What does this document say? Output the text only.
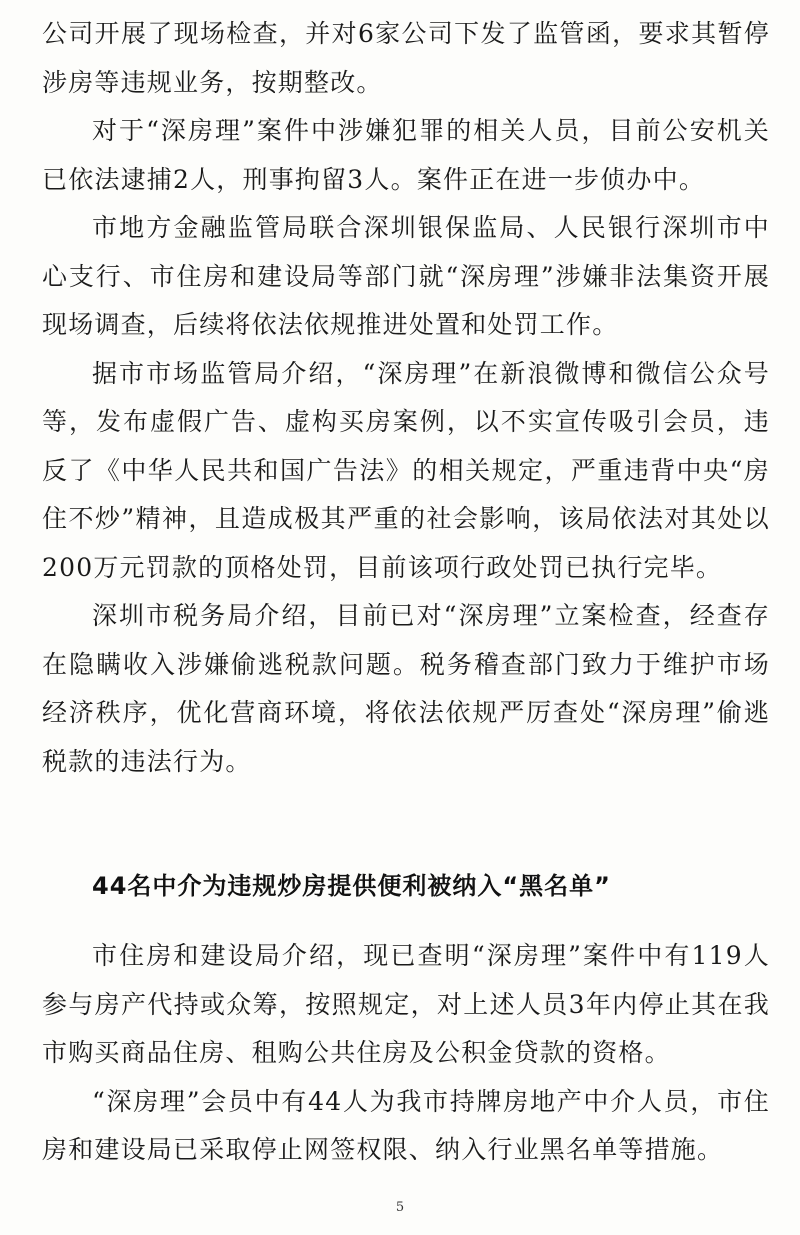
公司开展了现场检查，并对6家公司下发了监管函，要求其暂停涉房等违规业务，按期整改。

对于“深房理”案件中涉嫌犯罪的相关人员，目前公安机关已依法逮捕2人，刑事拘留3人。案件正在进一步侦办中。

市地方金融监管局联合深圳银保监局、人民银行深圳市中心支行、市住房和建设局等部门就“深房理”涉嫌非法集资开展现场调查，后续将依法依规推进处置和处罚工作。

据市市场监管局介绍，“深房理”在新浪微博和微信公众号等，发布虚假广告、虚构买房案例，以不实宣传吸引会员，违反了《中华人民共和国广告法》的相关规定，严重违背中央“房住不炒”精神，且造成极其严重的社会影响，该局依法对其处以200万元罚款的顶格处罚，目前该项行政处罚已执行完毕。

深圳市税务局介绍，目前已对“深房理”立案检查，经查存在隐瞒收入涉嫌偷逃税款问题。税务稽查部门致力于维护市场经济秩序，优化营商环境，将依法依规严厉查处“深房理”偷逃税款的违法行为。

44名中介为违规炒房提供便利被纳入“黑名单”

市住房和建设局介绍，现已查明“深房理”案件中有119人参与房产代持或众筹，按照规定，对上述人员3年内停止其在我市购买商品住房、租购公共住房及公积金贷款的资格。

“深房理”会员中有44人为我市持牌房地产中介人员，市住房和建设局已采取停止网签权限、纳入行业黑名单等措施。

5
